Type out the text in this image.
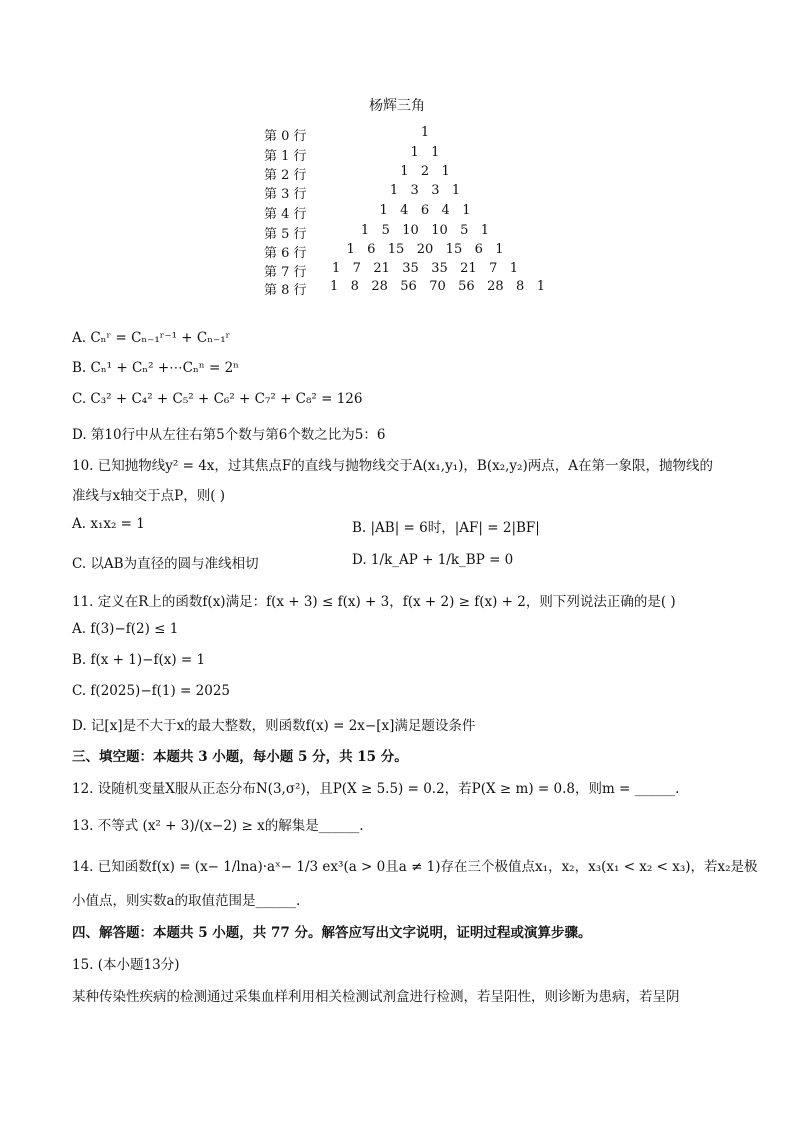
杨辉三角
第 0 行	1
第 1 行	1   1
第 2 行	1   2   1
第 3 行	1   3   3   1
第 4 行	1   4   6   4   1
第 5 行	1   5   10   10   5   1
第 6 行	1   6   15   20   15   6   1
第 7 行 1   7   21   35   35   21   7   1
第 8 行 1   8   28   56   70   56   28   8   1
A. Cₙʳ = Cₙ₋₁ʳ⁻¹ + Cₙ₋₁ʳ
B. Cₙ¹ + Cₙ² +⋯Cₙⁿ = 2ⁿ
C. C₃² + C₄² + C₅² + C₆² + C₇² + C₈² = 126
D. 第10行中从左往右第5个数与第6个数之比为5：6
10. 已知抛物线y² = 4x，过其焦点F的直线与抛物线交于A(x₁,y₁)，B(x₂,y₂)两点，A在第一象限，抛物线的
准线与x轴交于点P，则( )
A. x₁x₂ = 1	B. |AB| = 6时，|AF| = 2|BF|
C. 以AB为直径的圆与准线相切	D. 1/k_AP + 1/k_BP = 0
11. 定义在R上的函数f(x)满足：f(x + 3) ≤ f(x) + 3，f(x + 2) ≥ f(x) + 2，则下列说法正确的是( )
A. f(3)−f(2) ≤ 1
B. f(x + 1)−f(x) = 1
C. f(2025)−f(1) = 2025
D. 记[x]是不大于x的最大整数，则函数f(x) = 2x−[x]满足题设条件
三、填空题：本题共 3 小题，每小题 5 分，共 15 分。
12. 设随机变量X服从正态分布N(3,σ²)，且P(X ≥ 5.5) = 0.2，若P(X ≥ m) = 0.8，则m = ______.
13. 不等式 (x² + 3)/(x−2) ≥ x的解集是______.
14. 已知函数f(x) = (x− 1/lna)·aˣ− 1/3 ex³(a > 0且a ≠ 1)存在三个极值点x₁，x₂，x₃(x₁ < x₂ < x₃)，若x₂是极
小值点，则实数a的取值范围是______.
四、解答题：本题共 5 小题，共 77 分。解答应写出文字说明，证明过程或演算步骤。
15. (本小题13分)
某种传染性疾病的检测通过采集血样利用相关检测试剂盒进行检测，若呈阳性，则诊断为患病，若呈阴
